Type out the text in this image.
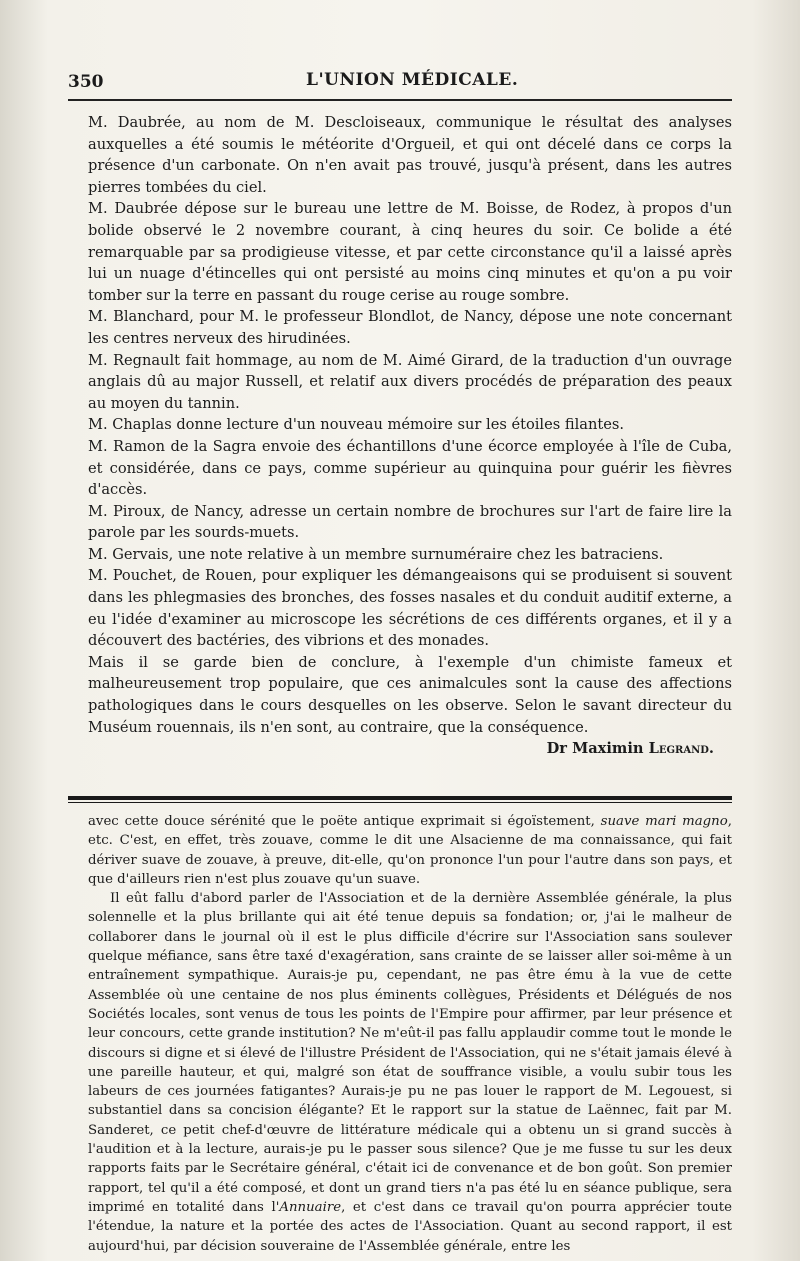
350	L'UNION MÉDICALE.

M. Daubrée, au nom de M. Descloiseaux, communique le résultat des analyses auxquelles a été soumis le météorite d'Orgueil, et qui ont décelé dans ce corps la présence d'un carbonate. On n'en avait pas trouvé, jusqu'à présent, dans les autres pierres tombées du ciel.

M. Daubrée dépose sur le bureau une lettre de M. Boisse, de Rodez, à propos d'un bolide observé le 2 novembre courant, à cinq heures du soir. Ce bolide a été remarquable par sa prodigieuse vitesse, et par cette circonstance qu'il a laissé après lui un nuage d'étincelles qui ont persisté au moins cinq minutes et qu'on a pu voir tomber sur la terre en passant du rouge cerise au rouge sombre.

M. Blanchard, pour M. le professeur Blondlot, de Nancy, dépose une note concernant les centres nerveux des hirudinées.

M. Regnault fait hommage, au nom de M. Aimé Girard, de la traduction d'un ouvrage anglais dû au major Russell, et relatif aux divers procédés de préparation des peaux au moyen du tannin.

M. Chaplas donne lecture d'un nouveau mémoire sur les étoiles filantes.

M. Ramon de la Sagra envoie des échantillons d'une écorce employée à l'île de Cuba, et considérée, dans ce pays, comme supérieur au quinquina pour guérir les fièvres d'accès.

M. Piroux, de Nancy, adresse un certain nombre de brochures sur l'art de faire lire la parole par les sourds-muets.

M. Gervais, une note relative à un membre surnuméraire chez les batraciens.

M. Pouchet, de Rouen, pour expliquer les démangeaisons qui se produisent si souvent dans les phlegmasies des bronches, des fosses nasales et du conduit auditif externe, a eu l'idée d'examiner au microscope les sécrétions de ces différents organes, et il y a découvert des bactéries, des vibrions et des monades.

Mais il se garde bien de conclure, à l'exemple d'un chimiste fameux et malheureusement trop populaire, que ces animalcules sont la cause des affections pathologiques dans le cours desquelles on les observe. Selon le savant directeur du Muséum rouennais, ils n'en sont, au contraire, que la conséquence.

Dr Maximin Legrand.

avec cette douce sérénité que le poëte antique exprimait si égoïstement, suave mari magno, etc. C'est, en effet, très zouave, comme le dit une Alsacienne de ma connaissance, qui fait dériver suave de zouave, à preuve, dit-elle, qu'on prononce l'un pour l'autre dans son pays, et que d'ailleurs rien n'est plus zouave qu'un suave.

Il eût fallu d'abord parler de l'Association et de la dernière Assemblée générale, la plus solennelle et la plus brillante qui ait été tenue depuis sa fondation; or, j'ai le malheur de collaborer dans le journal où il est le plus difficile d'écrire sur l'Association sans soulever quelque méfiance, sans être taxé d'exagération, sans crainte de se laisser aller soi-même à un entraînement sympathique. Aurais-je pu, cependant, ne pas être ému à la vue de cette Assemblée où une centaine de nos plus éminents collègues, Présidents et Délégués de nos Sociétés locales, sont venus de tous les points de l'Empire pour affirmer, par leur présence et leur concours, cette grande institution? Ne m'eût-il pas fallu applaudir comme tout le monde le discours si digne et si élevé de l'illustre Président de l'Association, qui ne s'était jamais élevé à une pareille hauteur, et qui, malgré son état de souffrance visible, a voulu subir tous les labeurs de ces journées fatigantes? Aurais-je pu ne pas louer le rapport de M. Legouest, si substantiel dans sa concision élégante? Et le rapport sur la statue de Laënnec, fait par M. Sanderet, ce petit chef-d'œuvre de littérature médicale qui a obtenu un si grand succès à l'audition et à la lecture, aurais-je pu le passer sous silence? Que je me fusse tu sur les deux rapports faits par le Secrétaire général, c'était ici de convenance et de bon goût. Son premier rapport, tel qu'il a été composé, et dont un grand tiers n'a pas été lu en séance publique, sera imprimé en totalité dans l'Annuaire, et c'est dans ce travail qu'on pourra apprécier toute l'étendue, la nature et la portée des actes de l'Association. Quant au second rapport, il est aujourd'hui, par décision souveraine de l'Assemblée générale, entre les
